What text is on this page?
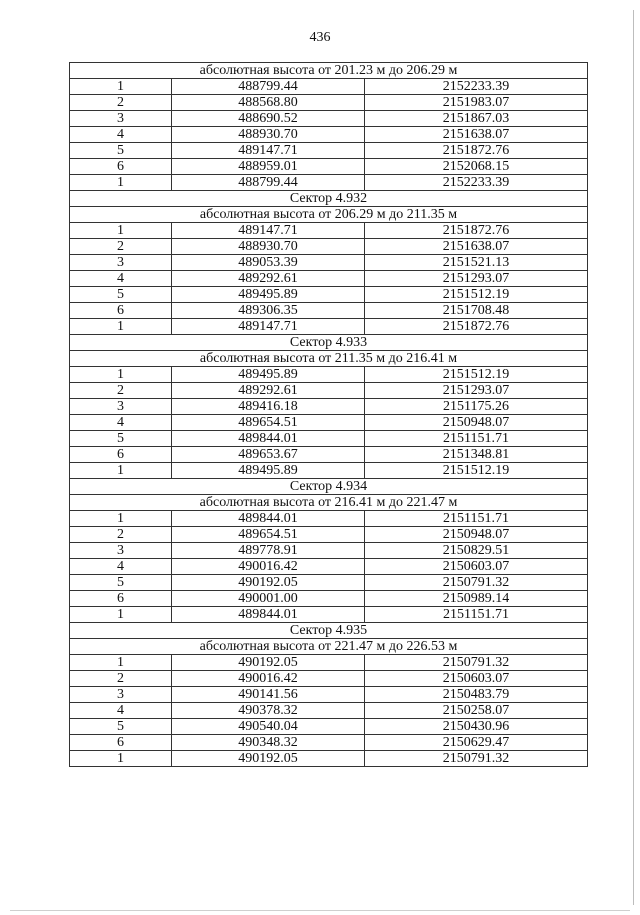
436
абсолютная высота от 201.23 м до 206.29 м		
1	488799.44	2152233.39
2	488568.80	2151983.07
3	488690.52	2151867.03
4	488930.70	2151638.07
5	489147.71	2151872.76
6	488959.01	2152068.15
1	488799.44	2152233.39
Сектор 4.932		
абсолютная высота от 206.29 м до 211.35 м		
1	489147.71	2151872.76
2	488930.70	2151638.07
3	489053.39	2151521.13
4	489292.61	2151293.07
5	489495.89	2151512.19
6	489306.35	2151708.48
1	489147.71	2151872.76
Сектор 4.933		
абсолютная высота от 211.35 м до 216.41 м		
1	489495.89	2151512.19
2	489292.61	2151293.07
3	489416.18	2151175.26
4	489654.51	2150948.07
5	489844.01	2151151.71
6	489653.67	2151348.81
1	489495.89	2151512.19
Сектор 4.934		
абсолютная высота от 216.41 м до 221.47 м		
1	489844.01	2151151.71
2	489654.51	2150948.07
3	489778.91	2150829.51
4	490016.42	2150603.07
5	490192.05	2150791.32
6	490001.00	2150989.14
1	489844.01	2151151.71
Сектор 4.935		
абсолютная высота от 221.47 м до 226.53 м		
1	490192.05	2150791.32
2	490016.42	2150603.07
3	490141.56	2150483.79
4	490378.32	2150258.07
5	490540.04	2150430.96
6	490348.32	2150629.47
1	490192.05	2150791.32
